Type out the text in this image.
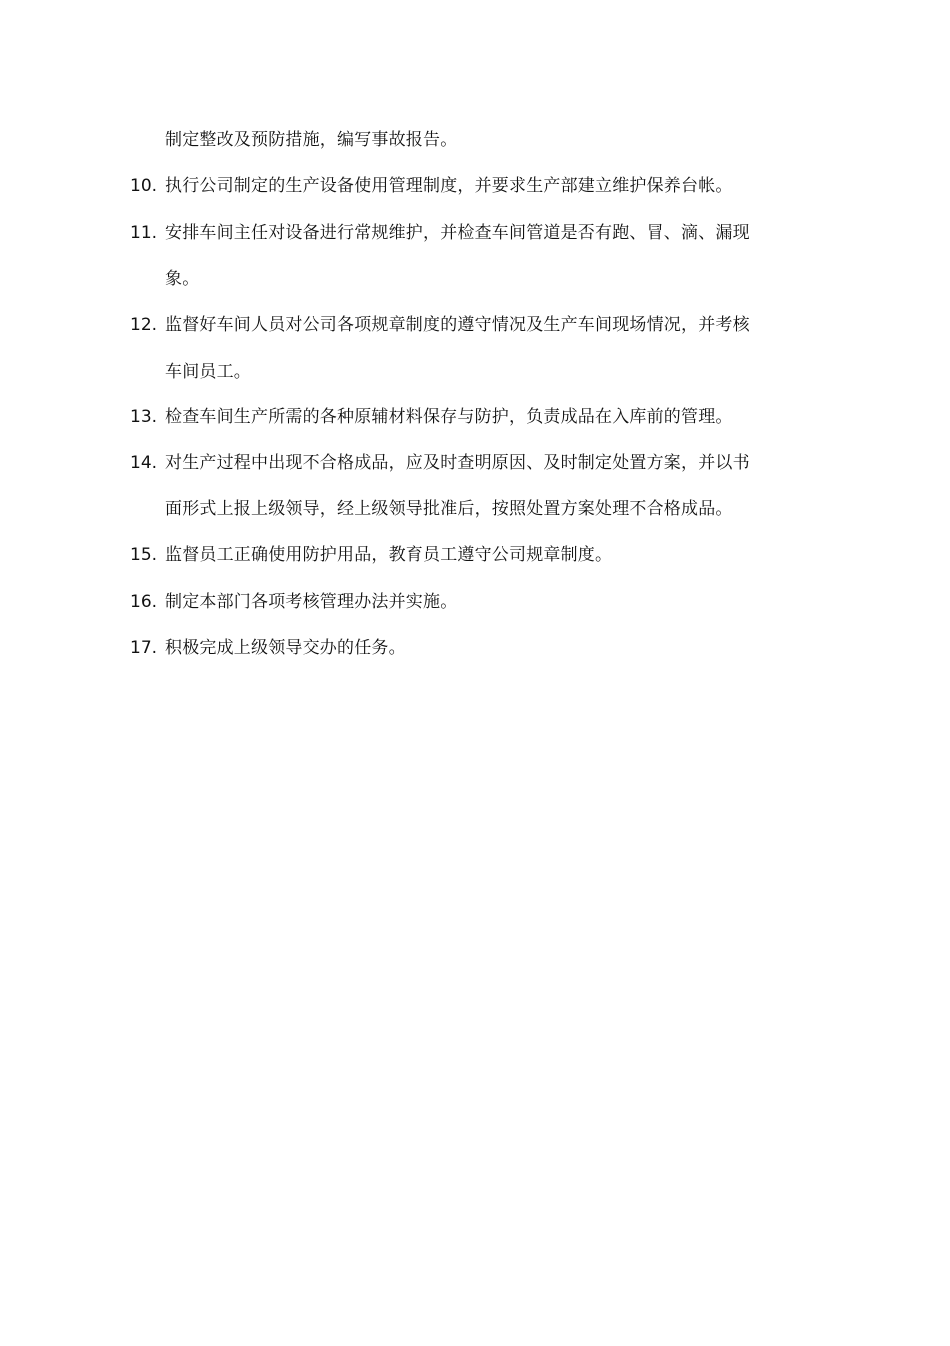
制定整改及预防措施，编写事故报告。
10. 执行公司制定的生产设备使用管理制度，并要求生产部建立维护保养台帐。
11. 安排车间主任对设备进行常规维护，并检查车间管道是否有跑、冒、滴、漏现
象。
12. 监督好车间人员对公司各项规章制度的遵守情况及生产车间现场情况，并考核
车间员工。
13. 检查车间生产所需的各种原辅材料保存与防护，负责成品在入库前的管理。
14. 对生产过程中出现不合格成品，应及时查明原因、及时制定处置方案，并以书
面形式上报上级领导，经上级领导批准后，按照处置方案处理不合格成品。
15. 监督员工正确使用防护用品，教育员工遵守公司规章制度。
16. 制定本部门各项考核管理办法并实施。
17. 积极完成上级领导交办的任务。
